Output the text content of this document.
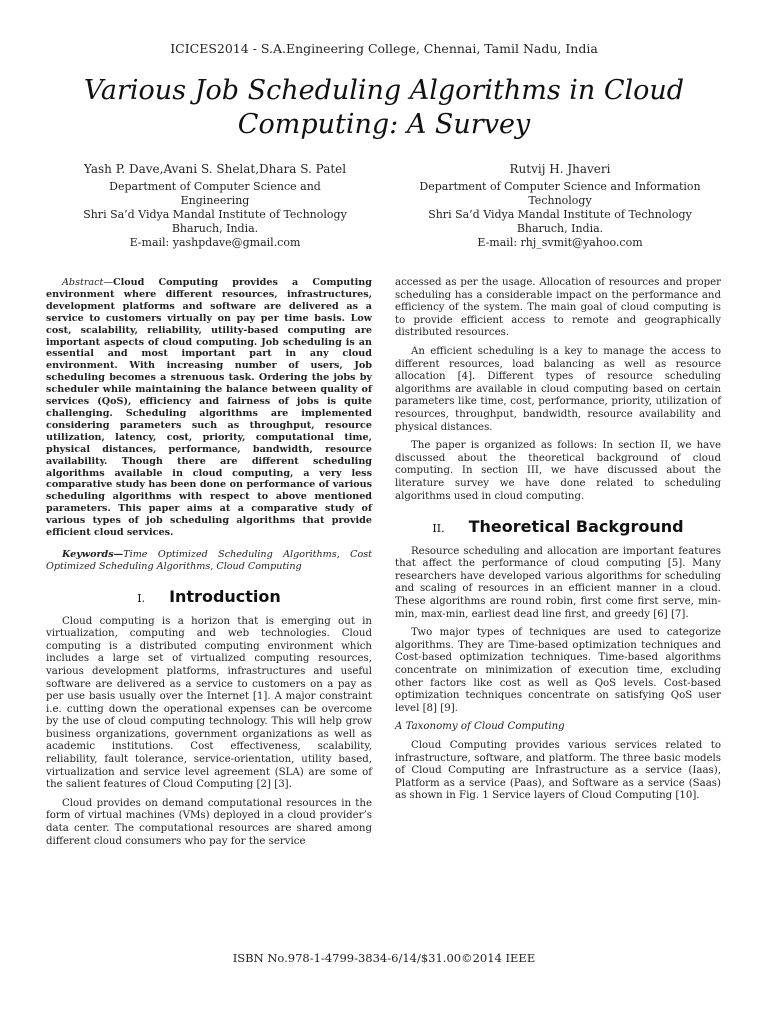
ICICES2014 - S.A.Engineering College, Chennai, Tamil Nadu, India
Various Job Scheduling Algorithms in Cloud
Computing: A Survey
Yash P. Dave,Avani S. Shelat,Dhara S. Patel
Department of Computer Science and
Engineering
Shri Sa’d Vidya Mandal Institute of Technology
Bharuch, India.
E-mail: yashpdave@gmail.com
Rutvij H. Jhaveri
Department of Computer Science and Information
Technology
Shri Sa’d Vidya Mandal Institute of Technology
Bharuch, India.
E-mail: rhj_svmit@yahoo.com

Abstract—Cloud Computing provides a Computing environment where different resources, infrastructures, development platforms and software are delivered as a service to customers virtually on pay per time basis. Low cost, scalability, reliability, utility-based computing are important aspects of cloud computing. Job scheduling is an essential and most important part in any cloud environment. With increasing number of users, Job scheduling becomes a strenuous task. Ordering the jobs by scheduler while maintaining the balance between quality of services (QoS), efficiency and fairness of jobs is quite challenging. Scheduling algorithms are implemented considering parameters such as throughput, resource utilization, latency, cost, priority, computational time, physical distances, performance, bandwidth, resource availability. Though there are different scheduling algorithms available in cloud computing, a very less comparative study has been done on performance of various scheduling algorithms with respect to above mentioned parameters. This paper aims at a comparative study of various types of job scheduling algorithms that provide efficient cloud services.

Keywords—Time Optimized Scheduling Algorithms, Cost Optimized Scheduling Algorithms, Cloud Computing

I. Introduction

Cloud computing is a horizon that is emerging out in virtualization, computing and web technologies. Cloud computing is a distributed computing environment which includes a large set of virtualized computing resources, various development platforms, infrastructures and useful software are delivered as a service to customers on a pay as per use basis usually over the Internet [1]. A major constraint i.e. cutting down the operational expenses can be overcome by the use of cloud computing technology. This will help grow business organizations, government organizations as well as academic institutions. Cost effectiveness, scalability, reliability, fault tolerance, service-orientation, utility based, virtualization and service level agreement (SLA) are some of the salient features of Cloud Computing [2] [3].

Cloud provides on demand computational resources in the form of virtual machines (VMs) deployed in a cloud provider’s data center. The computational resources are shared among different cloud consumers who pay for the service

accessed as per the usage. Allocation of resources and proper scheduling has a considerable impact on the performance and efficiency of the system. The main goal of cloud computing is to provide efficient access to remote and geographically distributed resources.

An efficient scheduling is a key to manage the access to different resources, load balancing as well as resource allocation [4]. Different types of resource scheduling algorithms are available in cloud computing based on certain parameters like time, cost, performance, priority, utilization of resources, throughput, bandwidth, resource availability and physical distances.

The paper is organized as follows: In section II, we have discussed about the theoretical background of cloud computing. In section III, we have discussed about the literature survey we have done related to scheduling algorithms used in cloud computing.

II. Theoretical Background

Resource scheduling and allocation are important features that affect the performance of cloud computing [5]. Many researchers have developed various algorithms for scheduling and scaling of resources in an efficient manner in a cloud. These algorithms are round robin, first come first serve, min-min, max-min, earliest dead line first, and greedy [6] [7].

Two major types of techniques are used to categorize algorithms. They are Time-based optimization techniques and Cost-based optimization techniques. Time-based algorithms concentrate on minimization of execution time, excluding other factors like cost as well as QoS levels. Cost-based optimization techniques concentrate on satisfying QoS user level [8] [9].

A Taxonomy of Cloud Computing

Cloud Computing provides various services related to infrastructure, software, and platform. The three basic models of Cloud Computing are Infrastructure as a service (Iaas), Platform as a service (Paas), and Software as a service (Saas) as shown in Fig. 1 Service layers of Cloud Computing [10].

ISBN No.978-1-4799-3834-6/14/$31.00©2014 IEEE
